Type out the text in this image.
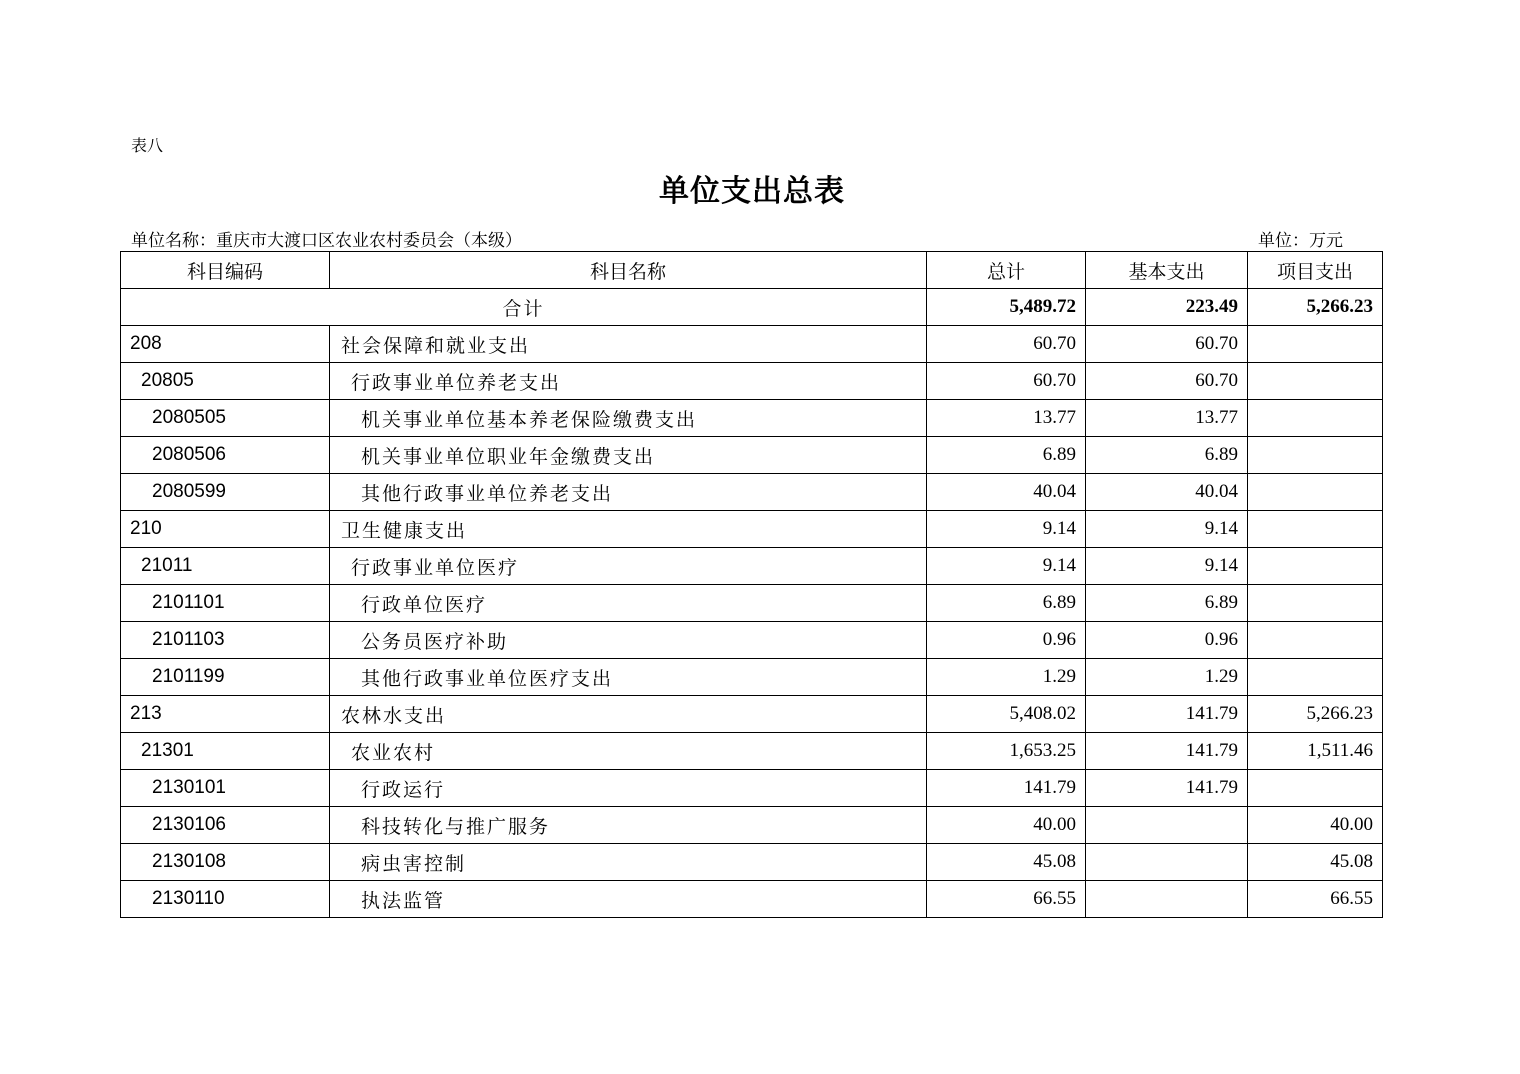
表八
单位支出总表
单位名称：重庆市大渡口区农业农村委员会（本级）	单位：万元
科目编码	科目名称	总计	基本支出	项目支出
合计		5,489.72	223.49	5,266.23
208	社会保障和就业支出	60.70	60.70	
20805	行政事业单位养老支出	60.70	60.70	
2080505	机关事业单位基本养老保险缴费支出	13.77	13.77	
2080506	机关事业单位职业年金缴费支出	6.89	6.89	
2080599	其他行政事业单位养老支出	40.04	40.04	
210	卫生健康支出	9.14	9.14	
21011	行政事业单位医疗	9.14	9.14	
2101101	行政单位医疗	6.89	6.89	
2101103	公务员医疗补助	0.96	0.96	
2101199	其他行政事业单位医疗支出	1.29	1.29	
213	农林水支出	5,408.02	141.79	5,266.23
21301	农业农村	1,653.25	141.79	1,511.46
2130101	行政运行	141.79	141.79	
2130106	科技转化与推广服务	40.00		40.00
2130108	病虫害控制	45.08		45.08
2130110	执法监管	66.55		66.55
